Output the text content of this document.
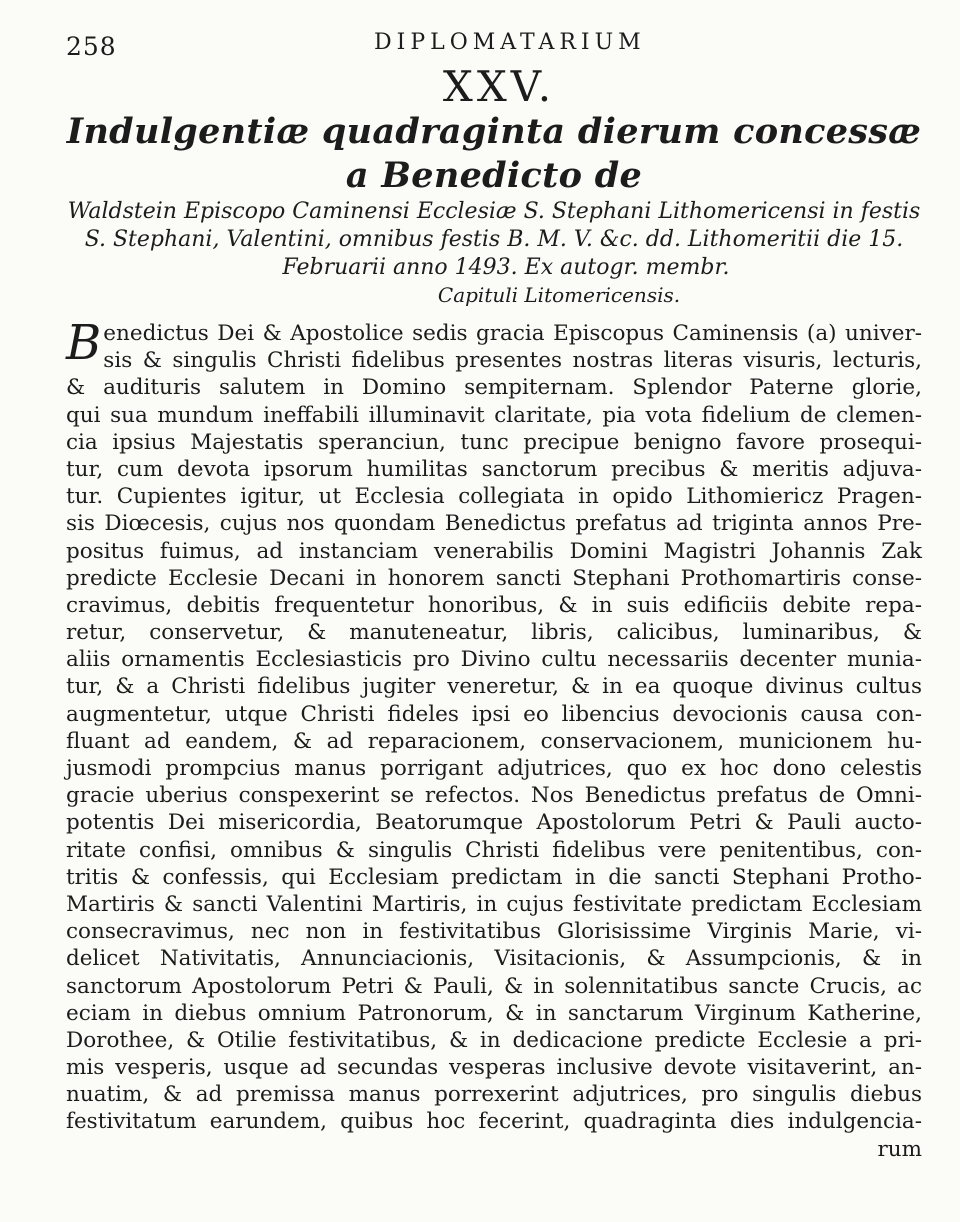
258	DIPLOMATARIUM
XXV.
Indulgentiæ quadraginta dierum concessæ a Benedicto de
Waldstein Episcopo Caminensi Ecclesiæ S. Stephani Lithomericensi in festis
S. Stephani, Valentini, omnibus festis B. M. V. &c. dd. Lithomeritii die 15.
Februarii anno 1493. Ex autogr. membr.
Capituli Litomericensis.
B enedictus Dei & Apostolice sedis gracia Episcopus Caminensis (a) univer-
sis & singulis Christi fidelibus presentes nostras literas visuris, lecturis,
& audituris salutem in Domino sempiternam. Splendor Paterne glorie,
qui sua mundum ineffabili illuminavit claritate, pia vota fidelium de clemen-
cia ipsius Majestatis speranciun, tunc precipue benigno favore prosequi-
tur, cum devota ipsorum humilitas sanctorum precibus & meritis adjuva-
tur. Cupientes igitur, ut Ecclesia collegiata in opido Lithomiericz Pragen-
sis Diœcesis, cujus nos quondam Benedictus prefatus ad triginta annos Pre-
positus fuimus, ad instanciam venerabilis Domini Magistri Johannis Zak
predicte Ecclesie Decani in honorem sancti Stephani Prothomartiris conse-
cravimus, debitis frequentetur honoribus, & in suis edificiis debite repa-
retur, conservetur, & manuteneatur, libris, calicibus, luminaribus, &
aliis ornamentis Ecclesiasticis pro Divino cultu necessariis decenter muniа-
tur, & a Christi fidelibus jugiter veneretur, & in ea quoque divinus cultus
augmentetur, utque Christi fideles ipsi eo libencius devocionis causa con-
fluant ad eandem, & ad reparacionem, conservacionem, municionem hu-
jusmodi prompcius manus porrigant adjutrices, quo ex hoc dono celestis
gracie uberius conspexerint se refectos. Nos Benedictus prefatus de Omni-
potentis Dei misericordia, Beatorumque Apostolorum Petri & Pauli aucto-
ritate confisi, omnibus & singulis Christi fidelibus vere penitentibus, con-
tritis & confessis, qui Ecclesiam predictam in die sancti Stephani Protho-
Martiris & sancti Valentini Martiris, in cujus festivitate predictam Ecclesiam
consecravimus, nec non in festivitatibus Glorisissime Virginis Marie, vi-
delicet Nativitatis, Annunciacionis, Visitacionis, & Assumpcionis, & in
sanctorum Apostolorum Petri & Pauli, & in solennitatibus sancte Crucis, ac
eciam in diebus omnium Patronorum, & in sanctarum Virginum Katherine,
Dorothee, & Otilie festivitatibus, & in dedicacione predicte Ecclesie a pri-
mis vesperis, usque ad secundas vesperas inclusive devote visitaverint, an-
nuatim, & ad premissa manus porrexerint adjutrices, pro singulis diebus
festivitatum earundem, quibus hoc fecerint, quadraginta dies indulgencia-
rum
